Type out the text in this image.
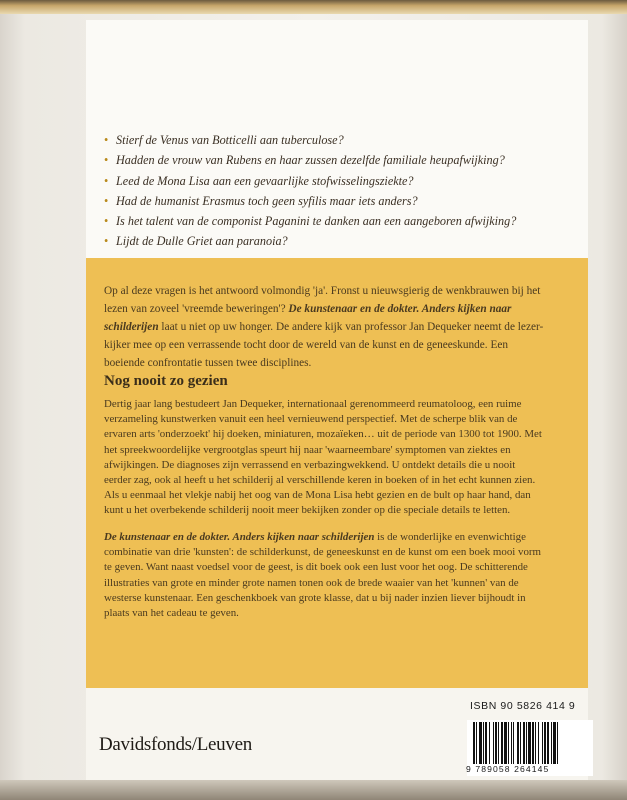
• Stierf de Venus van Botticelli aan tuberculose?
• Hadden de vrouw van Rubens en haar zussen dezelfde familiale heupafwijking?
• Leed de Mona Lisa aan een gevaarlijke stofwisselingsziekte?
• Had de humanist Erasmus toch geen syfilis maar iets anders?
• Is het talent van de componist Paganini te danken aan een aangeboren afwijking?
• Lijdt de Dulle Griet aan paranoia?

Op al deze vragen is het antwoord volmondig 'ja'. Fronst u nieuwsgierig de wenkbrauwen bij het lezen van zoveel 'vreemde beweringen'? De kunstenaar en de dokter. Anders kijken naar schilderijen laat u niet op uw honger. De andere kijk van professor Jan Dequeker neemt de lezer-kijker mee op een verrassende tocht door de wereld van de kunst en de geneeskunde. Een boeiende confrontatie tussen twee disciplines.

Nog nooit zo gezien

Dertig jaar lang bestudeert Jan Dequeker, internationaal gerenommeerd reumatoloog, een ruime verzameling kunstwerken vanuit een heel vernieuwend perspectief. Met de scherpe blik van de ervaren arts 'onderzoekt' hij doeken, miniaturen, mozaïeken… uit de periode van 1300 tot 1900. Met het spreekwoordelijke vergrootglas speurt hij naar 'waarneembare' symptomen van ziektes en afwijkingen. De diagnoses zijn verrassend en verbazingwekkend. U ontdekt details die u nooit eerder zag, ook al heeft u het schilderij al verschillende keren in boeken of in het echt kunnen zien. Als u eenmaal het vlekje nabij het oog van de Mona Lisa hebt gezien en de bult op haar hand, dan kunt u het overbekende schilderij nooit meer bekijken zonder op die speciale details te letten.

De kunstenaar en de dokter. Anders kijken naar schilderijen is de wonderlijke en evenwichtige combinatie van drie 'kunsten': de schilderkunst, de geneeskunst en de kunst om een boek mooi vorm te geven. Want naast voedsel voor de geest, is dit boek ook een lust voor het oog. De schitterende illustraties van grote en minder grote namen tonen ook de brede waaier van het 'kunnen' van de westerse kunstenaar. Een geschenkboek van grote klasse, dat u bij nader inzien liever bijhoudt in plaats van het cadeau te geven.

Davidsfonds/Leuven

ISBN 90 5826 414 9

9 789058 264145
